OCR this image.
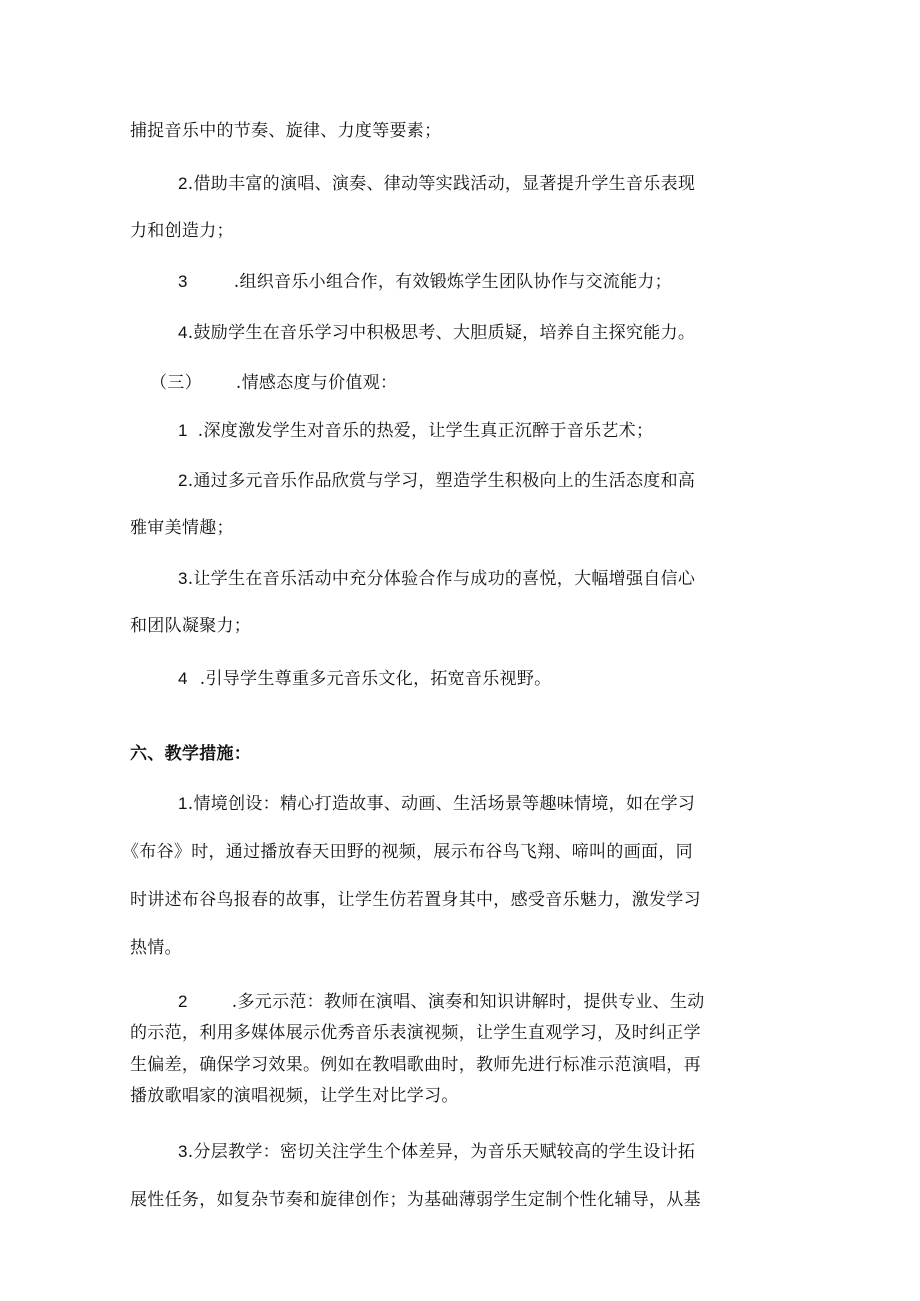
捕捉音乐中的节奏、旋律、力度等要素；
2.借助丰富的演唱、演奏、律动等实践活动，显著提升学生音乐表现
力和创造力；
3	.组织音乐小组合作，有效锻炼学生团队协作与交流能力；
4.鼓励学生在音乐学习中积极思考、大胆质疑，培养自主探究能力。
（三） .情感态度与价值观：
1 .深度激发学生对音乐的热爱，让学生真正沉醉于音乐艺术；
2.通过多元音乐作品欣赏与学习，塑造学生积极向上的生活态度和高
雅审美情趣；
3.让学生在音乐活动中充分体验合作与成功的喜悦，大幅增强自信心
和团队凝聚力；
4 .引导学生尊重多元音乐文化，拓宽音乐视野。
六、教学措施：
1.情境创设：精心打造故事、动画、生活场景等趣味情境，如在学习
《布谷》时，通过播放春天田野的视频，展示布谷鸟飞翔、啼叫的画面，同
时讲述布谷鸟报春的故事，让学生仿若置身其中，感受音乐魅力，激发学习
热情。
2	.多元示范：教师在演唱、演奏和知识讲解时，提供专业、生动
的示范，利用多媒体展示优秀音乐表演视频，让学生直观学习，及时纠正学
生偏差，确保学习效果。例如在教唱歌曲时，教师先进行标准示范演唱，再
播放歌唱家的演唱视频，让学生对比学习。
3.分层教学：密切关注学生个体差异，为音乐天赋较高的学生设计拓
展性任务，如复杂节奏和旋律创作；为基础薄弱学生定制个性化辅导，从基
